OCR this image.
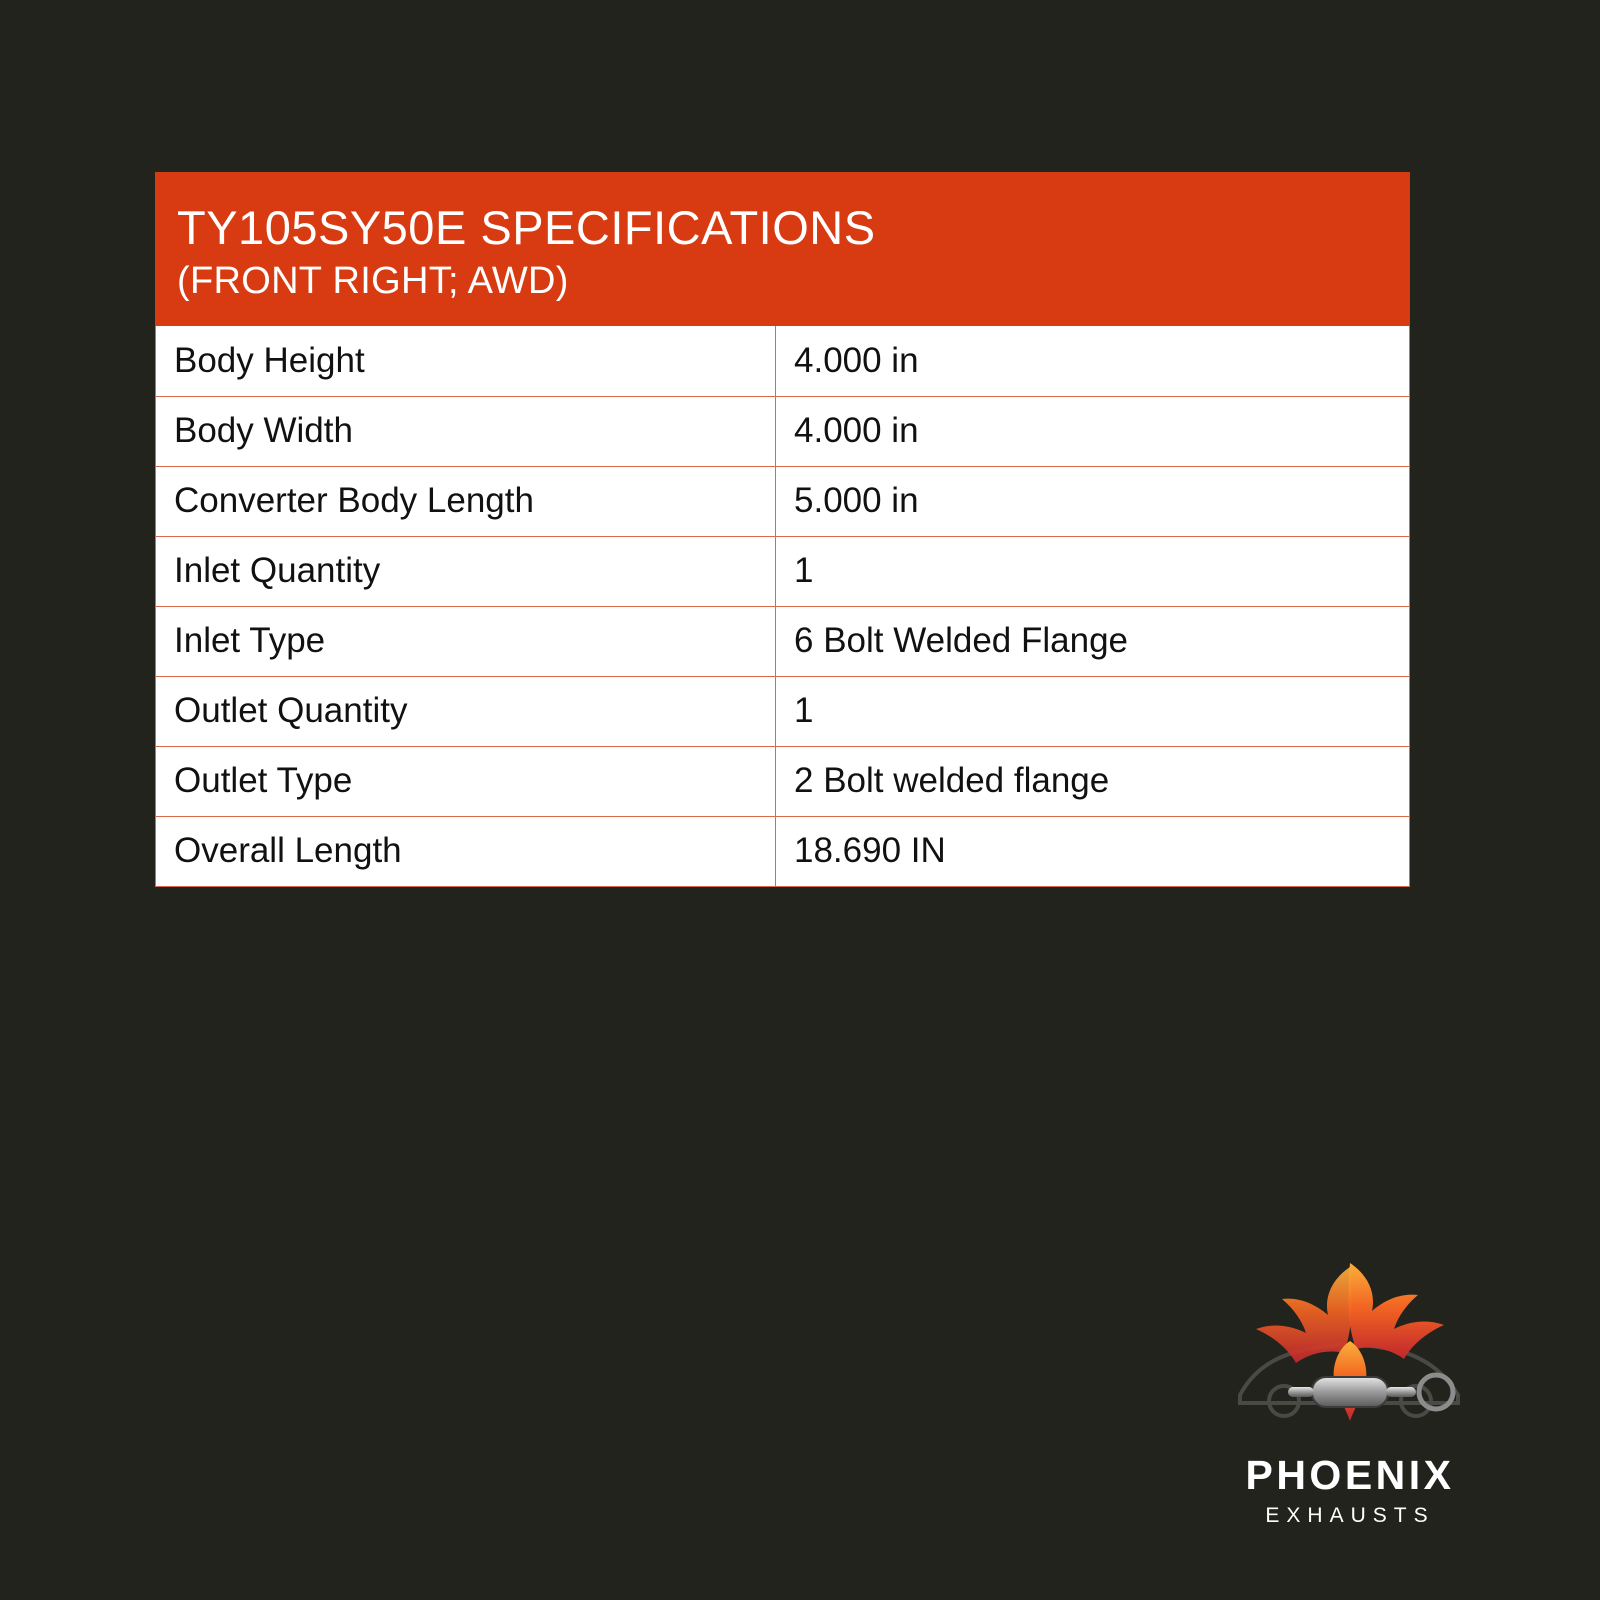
TY105SY50E SPECIFICATIONS
(FRONT RIGHT; AWD)
Body Height	4.000 in
Body Width	4.000 in
Converter Body Length	5.000 in
Inlet Quantity	1
Inlet Type	6 Bolt Welded Flange
Outlet Quantity	1
Outlet Type	2 Bolt welded flange
Overall Length	18.690 IN
PHOENIX
EXHAUSTS
